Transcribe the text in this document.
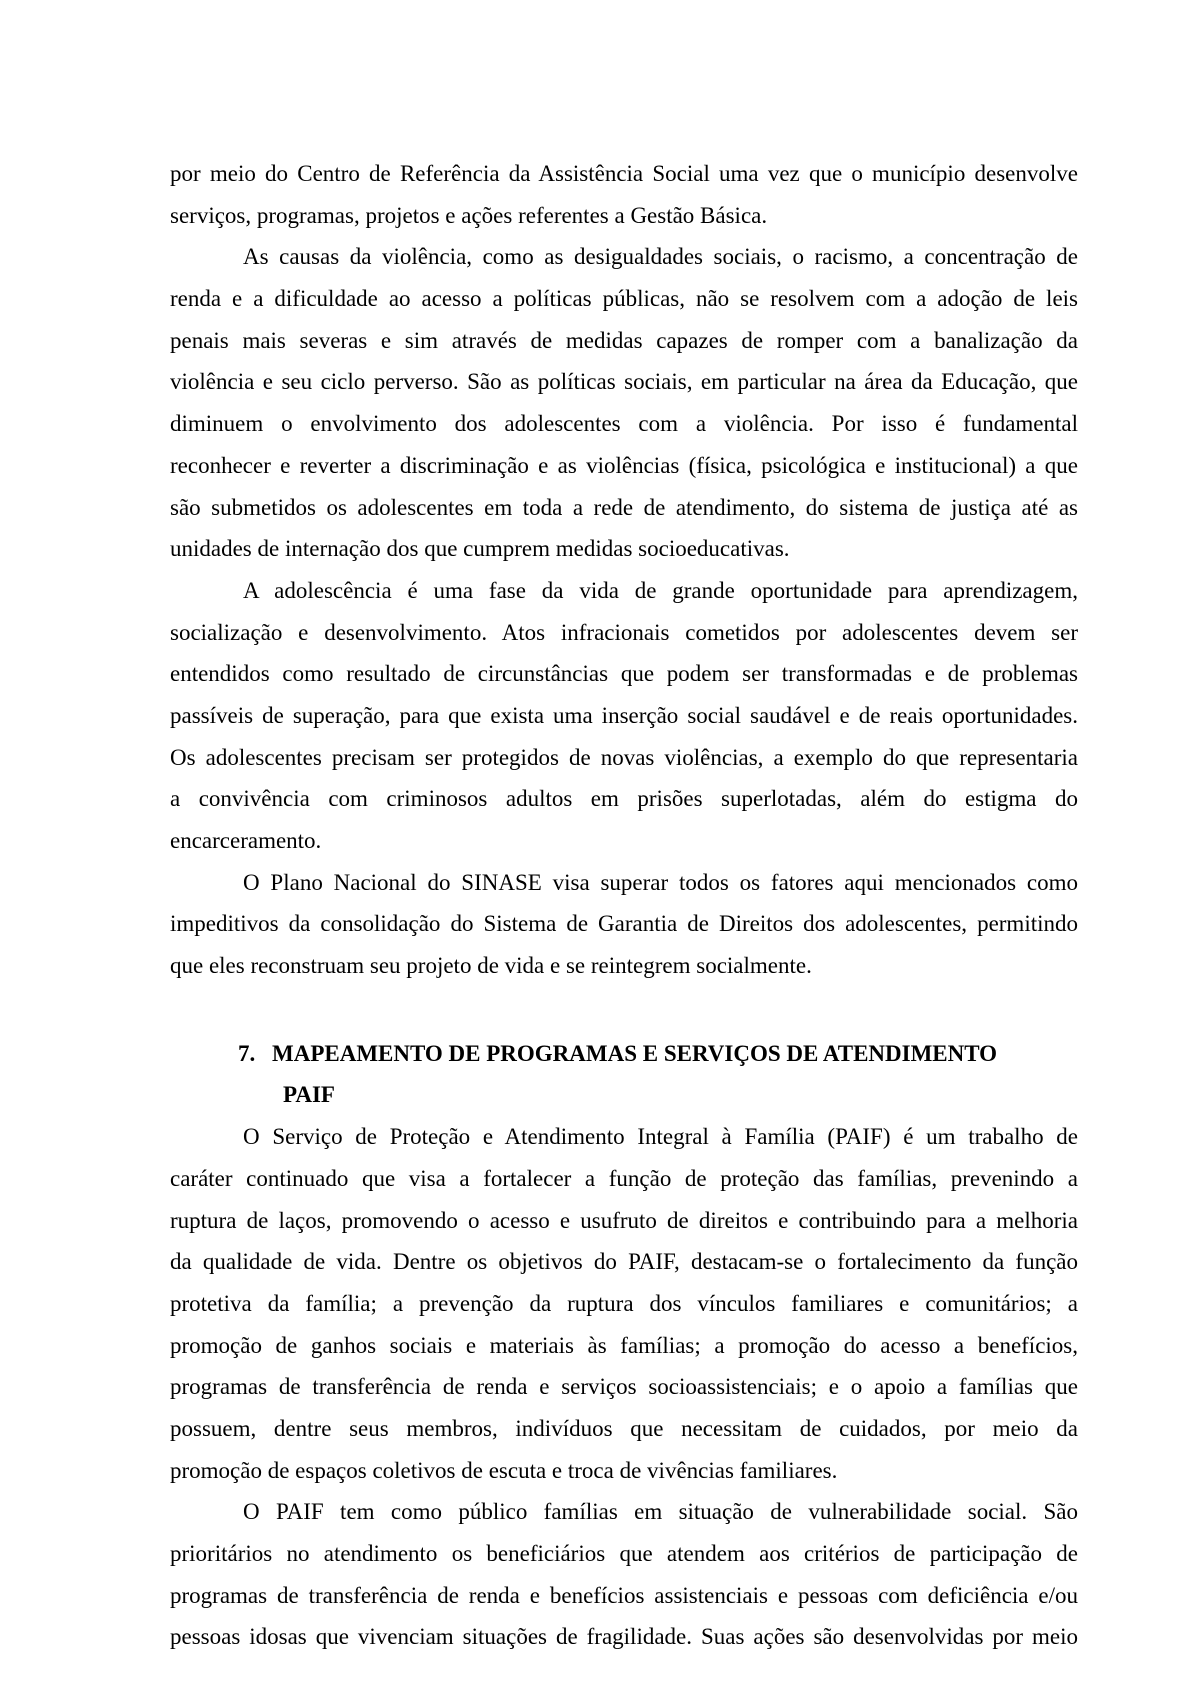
por meio do Centro de Referência da Assistência Social uma vez que o município desenvolve
serviços, programas, projetos e ações referentes a Gestão Básica.
As causas da violência, como as desigualdades sociais, o racismo, a concentração de
renda e a dificuldade ao acesso a políticas públicas, não se resolvem com a adoção de leis
penais mais severas e sim através de medidas capazes de romper com a banalização da
violência e seu ciclo perverso. São as políticas sociais, em particular na área da Educação, que
diminuem o envolvimento dos adolescentes com a violência. Por isso é fundamental
reconhecer e reverter a discriminação e as violências (física, psicológica e institucional) a que
são submetidos os adolescentes em toda a rede de atendimento, do sistema de justiça até as
unidades de internação dos que cumprem medidas socioeducativas.
A adolescência é uma fase da vida de grande oportunidade para aprendizagem,
socialização e desenvolvimento. Atos infracionais cometidos por adolescentes devem ser
entendidos como resultado de circunstâncias que podem ser transformadas e de problemas
passíveis de superação, para que exista uma inserção social saudável e de reais oportunidades.
Os adolescentes precisam ser protegidos de novas violências, a exemplo do que representaria
a convivência com criminosos adultos em prisões superlotadas, além do estigma do
encarceramento.
O Plano Nacional do SINASE visa superar todos os fatores aqui mencionados como
impeditivos da consolidação do Sistema de Garantia de Direitos dos adolescentes, permitindo
que eles reconstruam seu projeto de vida e se reintegrem socialmente.
7. MAPEAMENTO DE PROGRAMAS E SERVIÇOS DE ATENDIMENTO
PAIF
O Serviço de Proteção e Atendimento Integral à Família (PAIF) é um trabalho de
caráter continuado que visa a fortalecer a função de proteção das famílias, prevenindo a
ruptura de laços, promovendo o acesso e usufruto de direitos e contribuindo para a melhoria
da qualidade de vida. Dentre os objetivos do PAIF, destacam-se o fortalecimento da função
protetiva da família; a prevenção da ruptura dos vínculos familiares e comunitários; a
promoção de ganhos sociais e materiais às famílias; a promoção do acesso a benefícios,
programas de transferência de renda e serviços socioassistenciais; e o apoio a famílias que
possuem, dentre seus membros, indivíduos que necessitam de cuidados, por meio da
promoção de espaços coletivos de escuta e troca de vivências familiares.
O PAIF tem como público famílias em situação de vulnerabilidade social. São
prioritários no atendimento os beneficiários que atendem aos critérios de participação de
programas de transferência de renda e benefícios assistenciais e pessoas com deficiência e/ou
pessoas idosas que vivenciam situações de fragilidade. Suas ações são desenvolvidas por meio
